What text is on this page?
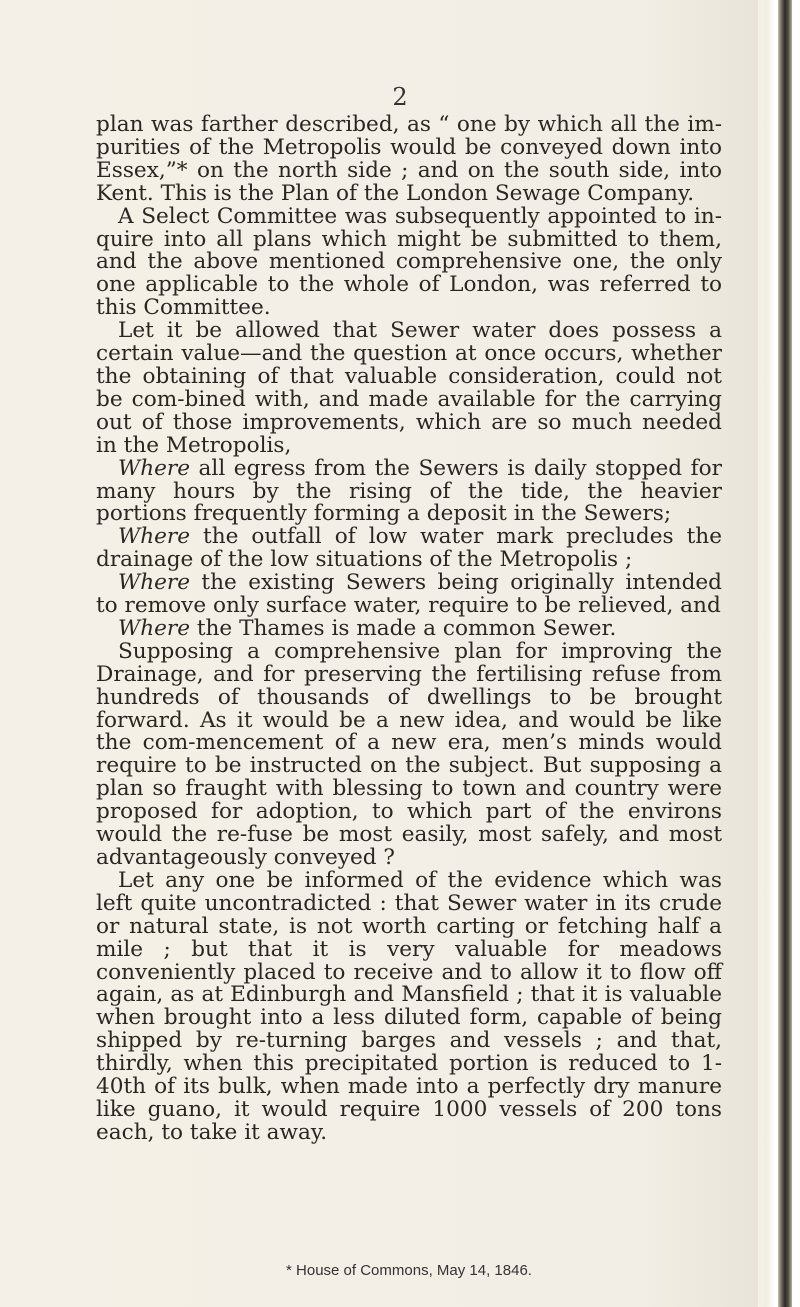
2

plan was farther described, as “ one by which all the im-purities of the Metropolis would be conveyed down into Essex,”* on the north side ; and on the south side, into Kent. This is the Plan of the London Sewage Company.

A Select Committee was subsequently appointed to in-quire into all plans which might be submitted to them, and the above mentioned comprehensive one, the only one applicable to the whole of London, was referred to this Committee.

Let it be allowed that Sewer water does possess a certain value—and the question at once occurs, whether the obtaining of that valuable consideration, could not be com-bined with, and made available for the carrying out of those improvements, which are so much needed in the Metropolis,

Where all egress from the Sewers is daily stopped for many hours by the rising of the tide, the heavier portions frequently forming a deposit in the Sewers;

Where the outfall of low water mark precludes the drainage of the low situations of the Metropolis ;

Where the existing Sewers being originally intended to remove only surface water, require to be relieved, and

Where the Thames is made a common Sewer.

Supposing a comprehensive plan for improving the Drainage, and for preserving the fertilising refuse from hundreds of thousands of dwellings to be brought forward. As it would be a new idea, and would be like the com-mencement of a new era, men’s minds would require to be instructed on the subject. But supposing a plan so fraught with blessing to town and country were proposed for adoption, to which part of the environs would the re-fuse be most easily, most safely, and most advantageously conveyed ?

Let any one be informed of the evidence which was left quite uncontradicted : that Sewer water in its crude or natural state, is not worth carting or fetching half a mile ; but that it is very valuable for meadows conveniently placed to receive and to allow it to flow off again, as at Edinburgh and Mansfield ; that it is valuable when brought into a less diluted form, capable of being shipped by re-turning barges and vessels ; and that, thirdly, when this precipitated portion is reduced to 1-40th of its bulk, when made into a perfectly dry manure like guano, it would require 1000 vessels of 200 tons each, to take it away.

* House of Commons, May 14, 1846.
